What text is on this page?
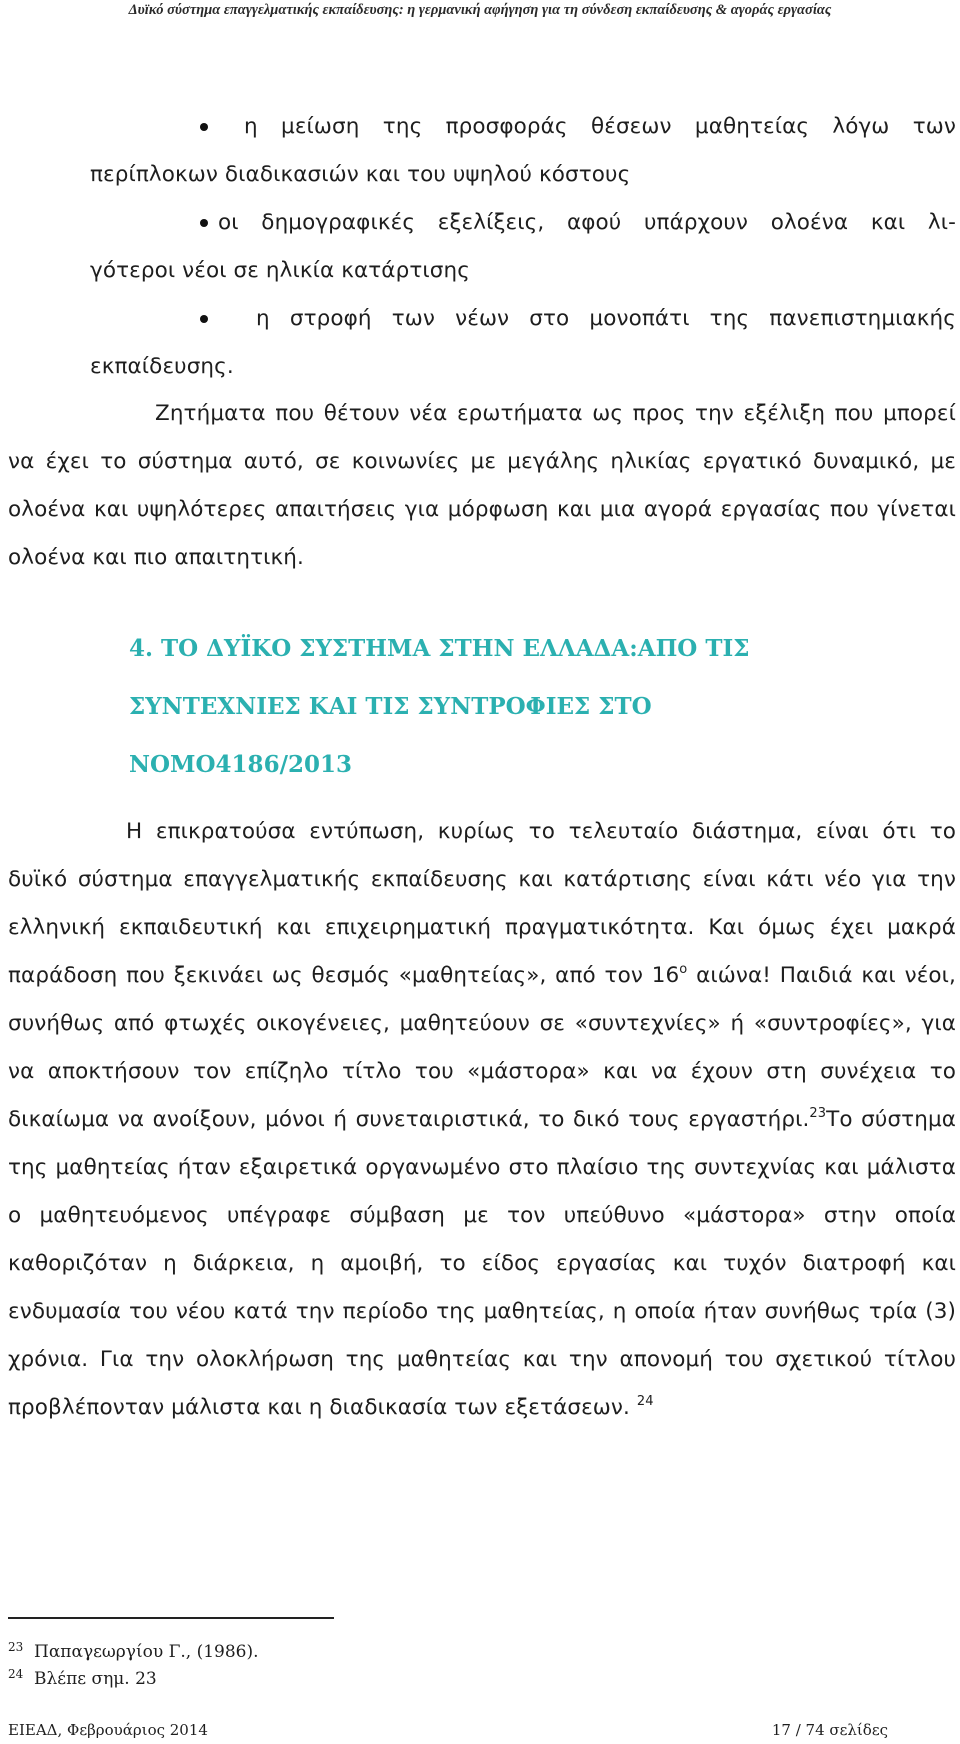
Δυϊκό σύστημα επαγγελματικής εκπαίδευσης: η γερμανική αφήγηση για τη σύνδεση εκπαίδευσης & αγοράς εργασίας
η μείωση της προσφοράς θέσεων μαθητείας λόγω των
περίπλοκων διαδικασιών και του υψηλού κόστους
οι δημογραφικές εξελίξεις, αφού υπάρχουν ολοένα και λι-
γότεροι νέοι σε ηλικία κατάρτισης
η στροφή των νέων στο μονοπάτι της πανεπιστημιακής
εκπαίδευσης.

Ζητήματα που θέτουν νέα ερωτήματα ως προς την εξέλιξη που μπορεί να έχει το σύστημα αυτό, σε κοινωνίες με μεγάλης ηλικίας εργατικό δυναμικό, με ολοένα και υψηλότερες απαιτήσεις για μόρφωση και μια αγορά εργασίας που γίνεται ολοένα και πιο απαιτητική.

4. ΤΟ ΔΥΪΚΟ ΣΥΣΤΗΜΑ ΣΤΗΝ ΕΛΛΑΔΑ:ΑΠΟ ΤΙΣ
ΣΥΝΤΕΧΝΙΕΣ ΚΑΙ ΤΙΣ ΣΥΝΤΡΟΦΙΕΣ ΣΤΟ
ΝΟΜΟ4186/2013

Η επικρατούσα εντύπωση, κυρίως το τελευταίο διάστημα, είναι ότι το δυϊκό σύστημα επαγγελματικής εκπαίδευσης και κατάρτισης είναι κάτι νέο για την ελληνική εκπαιδευτική και επιχειρηματική πραγματικότητα. Και όμως έχει μακρά παράδοση που ξεκινάει ως θεσμός «μαθητείας», από τον $16^o$ αιώνα! Παιδιά και νέοι, συνήθως από φτωχές οικογένειες, μαθητεύουν σε «συντεχνίες» ή «συντροφίες», για να αποκτήσουν τον επίζηλο τίτλο του «μάστορα» και να έχουν στη συνέχεια το δικαίωμα να ανοίξουν, μόνοι ή συνεταιριστικά, το δικό τους εργαστήρι.$^{23}$Το σύστημα της μαθητείας ήταν εξαιρετικά οργανωμένο στο πλαίσιο της συντεχνίας και μάλιστα ο μαθητευόμενος υπέγραφε σύμβαση με τον υπεύθυνο «μάστορα» στην οποία καθοριζόταν η διάρκεια, η αμοιβή, το είδος εργασίας και τυχόν διατροφή και ενδυμασία του νέου κατά την περίοδο της μαθητείας, η οποία ήταν συνήθως τρία (3) χρόνια. Για την ολοκλήρωση της μαθητείας και την απονομή του σχετικού τίτλου προβλέπονταν μάλιστα και η διαδικασία των εξετάσεων. $^{24}$

23 Παπαγεωργίου Γ., (1986).
24 Βλέπε σημ. 23
ΕΙΕΑΔ, Φεβρουάριος 2014	17 / 74 σελίδες
